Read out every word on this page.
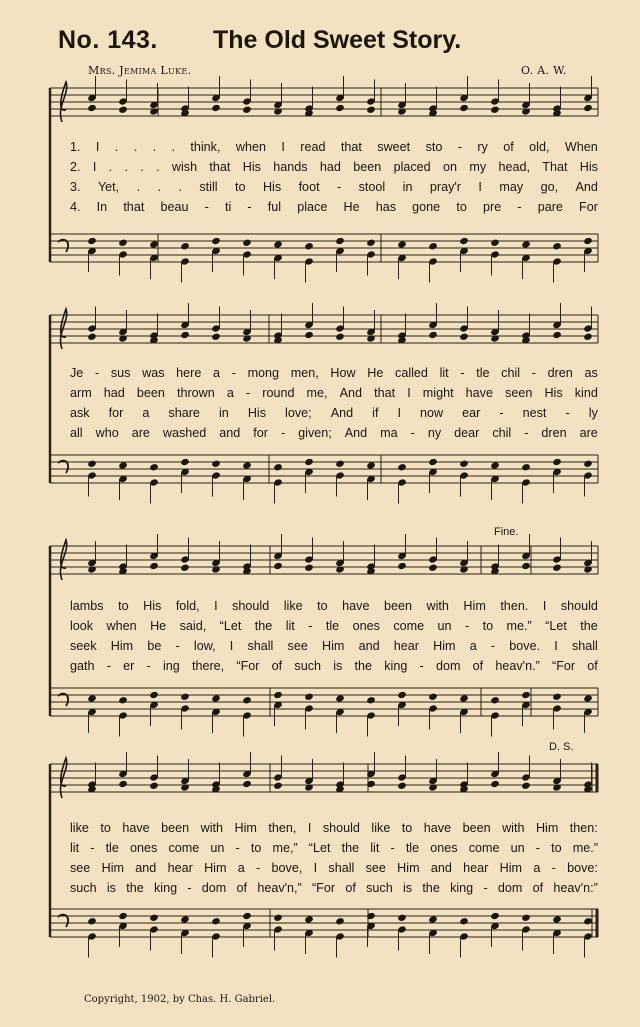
No. 143. The Old Sweet Story.
Mrs. Jemima Luke.	O. A. W.
Fine.
D. S.
1. I . . . . think, when I read that sweet sto - ry of old, When
2. I . . . . wish that His hands had been placed on my head, That His
3. Yet, . . . still to His foot - stool in pray'r I may go, And
4. In that beau - ti - ful place He has gone to pre - pare For
Je - sus was here a - mong men, How He called lit - tle chil - dren as
arm had been thrown a - round me, And that I might have seen His kind
ask for a share in His love; And if I now ear - nest - ly
all who are washed and for - given; And ma - ny dear chil - dren are
lambs to His fold, I should like to have been with Him then. I should
look when He said, “Let the lit - tle ones come un - to me.” “Let the
seek Him be - low, I shall see Him and hear Him a - bove. I shall
gath - er - ing there, “For of such is the king - dom of heav'n.” “For of
like to have been with Him then, I should like to have been with Him then:
lit - tle ones come un - to me,” “Let the lit - tle ones come un - to me.”
see Him and hear Him a - bove, I shall see Him and hear Him a - bove:
such is the king - dom of heav'n,” “For of such is the king - dom of heav'n:”
Copyright, 1902, by Chas. H. Gabriel.
